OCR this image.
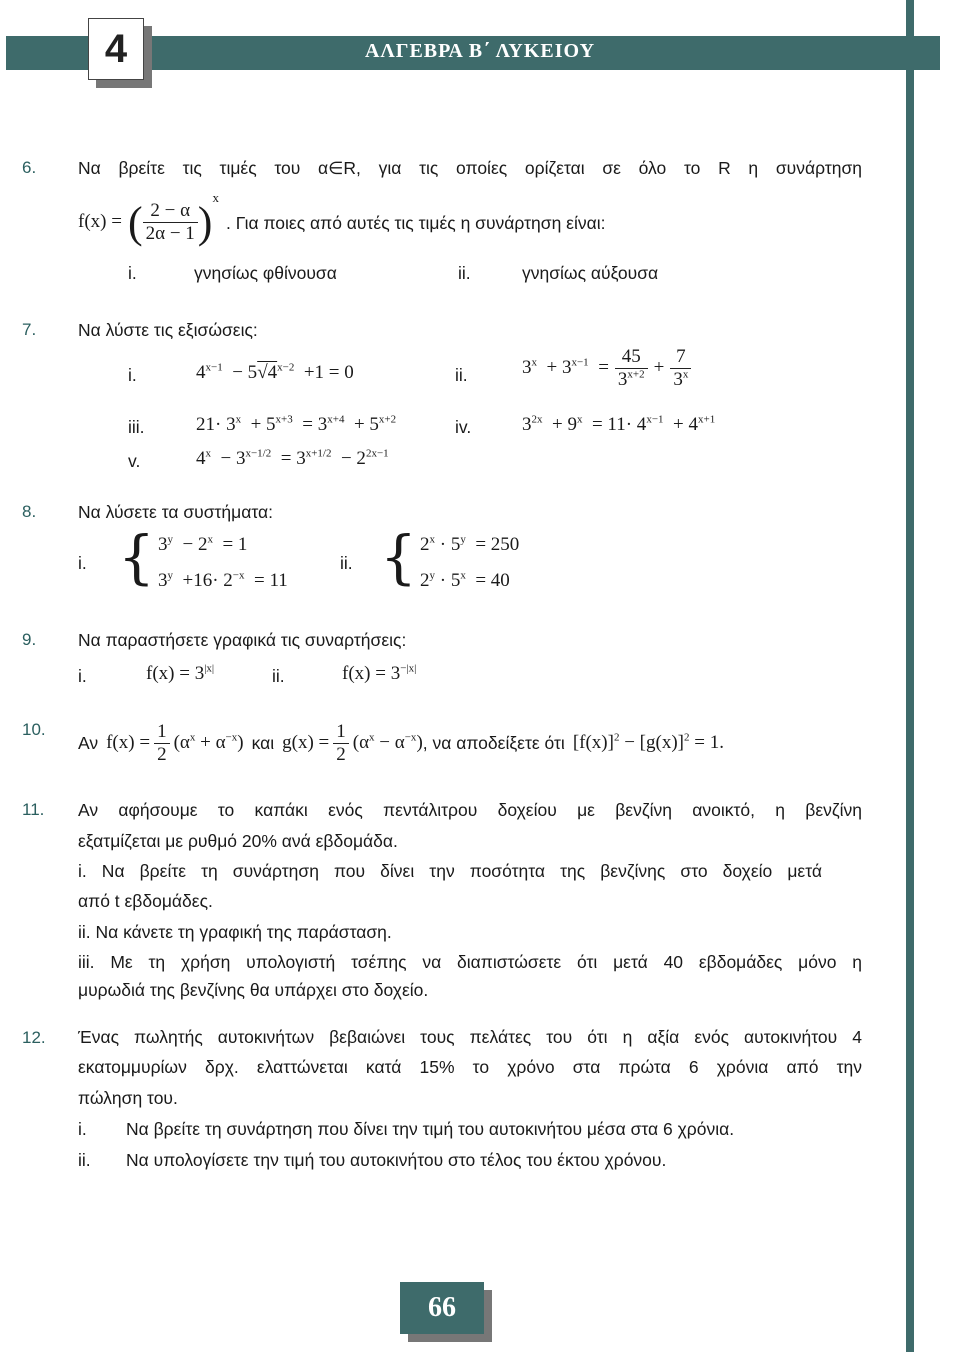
4	ΑΛΓΕΒΡΑ Β΄ ΛΥΚΕΙΟΥ
6. Να βρείτε τις τιμές του α∈R, για τις οποίες ορίζεται σε όλο το R η συνάρτηση
f(x) = ( $\frac{2 - \alpha}{2\alpha - 1}$ ) x
. Για ποιες από αυτές τις τιμές η συνάρτηση είναι:
i.	γνησίως φθίνουσα	ii.	γνησίως αύξουσα
7. Να λύστε τις εξισώσεις:
i.	$4^{x-1} - 5√4^{x-2} +1 = 0$	ii.	$3^x + 3^{x-1} = \frac{45}{3^{x+2}} + \frac{7}{3^x}$
iii.	$21\cdot 3^x + 5^{x+3} = 3^{x+4} + 5^{x+2}$	iv.	$3^{2x} + 9^x = 11\cdot 4^{x-1} + 4^{x+1}$
v.	$4^x - 3^{x-1/2} = 3^{x+1/2} - 2^{2x-1}$
8. Να λύσετε τα συστήματα:
i. { $3^y - 2^x = 1$
$3^y +16\cdot 2^{-x} = 11$
ii. { $2^x \cdot 5^y = 250$
$2^y \cdot 5^x = 40$
9. Να παραστήσετε γραφικά τις συναρτήσεις:
i.	$f(x) = 3^{|x|}$	ii.	$f(x) = 3^{-|x|}$
10.
Αν $f(x) = \frac{1}{2} (\alpha^x + \alpha^{-x})$ και $g(x) = \frac{1}{2} (\alpha^x - \alpha^{-x})$ , να αποδείξετε ότι $[f(x)]^2 - [g(x)]^2 = 1$.
11. Αν αφήσουμε το καπάκι ενός πεντάλιτρου δοχείου με βενζίνη ανοικτό, η βενζίνη
εξατμίζεται με ρυθμό 20% ανά εβδομάδα.
i. Να βρείτε τη συνάρτηση που δίνει την ποσότητα της βενζίνης στο δοχείο μετά
από t εβδομάδες.
ii. Να κάνετε τη γραφική της παράσταση.
iii. Με τη χρήση υπολογιστή τσέπης να διαπιστώσετε ότι μετά 40 εβδομάδες μόνο η
μυρωδιά της βενζίνης θα υπάρχει στο δοχείο.
12. Ένας πωλητής αυτοκινήτων βεβαιώνει τους πελάτες του ότι η αξία ενός αυτοκινήτου 4
εκατομμυρίων δρχ. ελαττώνεται κατά 15% το χρόνο στα πρώτα 6 χρόνια από την
πώληση του.
i. Να βρείτε τη συνάρτηση που δίνει την τιμή του αυτοκινήτου μέσα στα 6 χρόνια.
ii. Να υπολογίσετε την τιμή του αυτοκινήτου στο τέλος του έκτου χρόνου.
66
